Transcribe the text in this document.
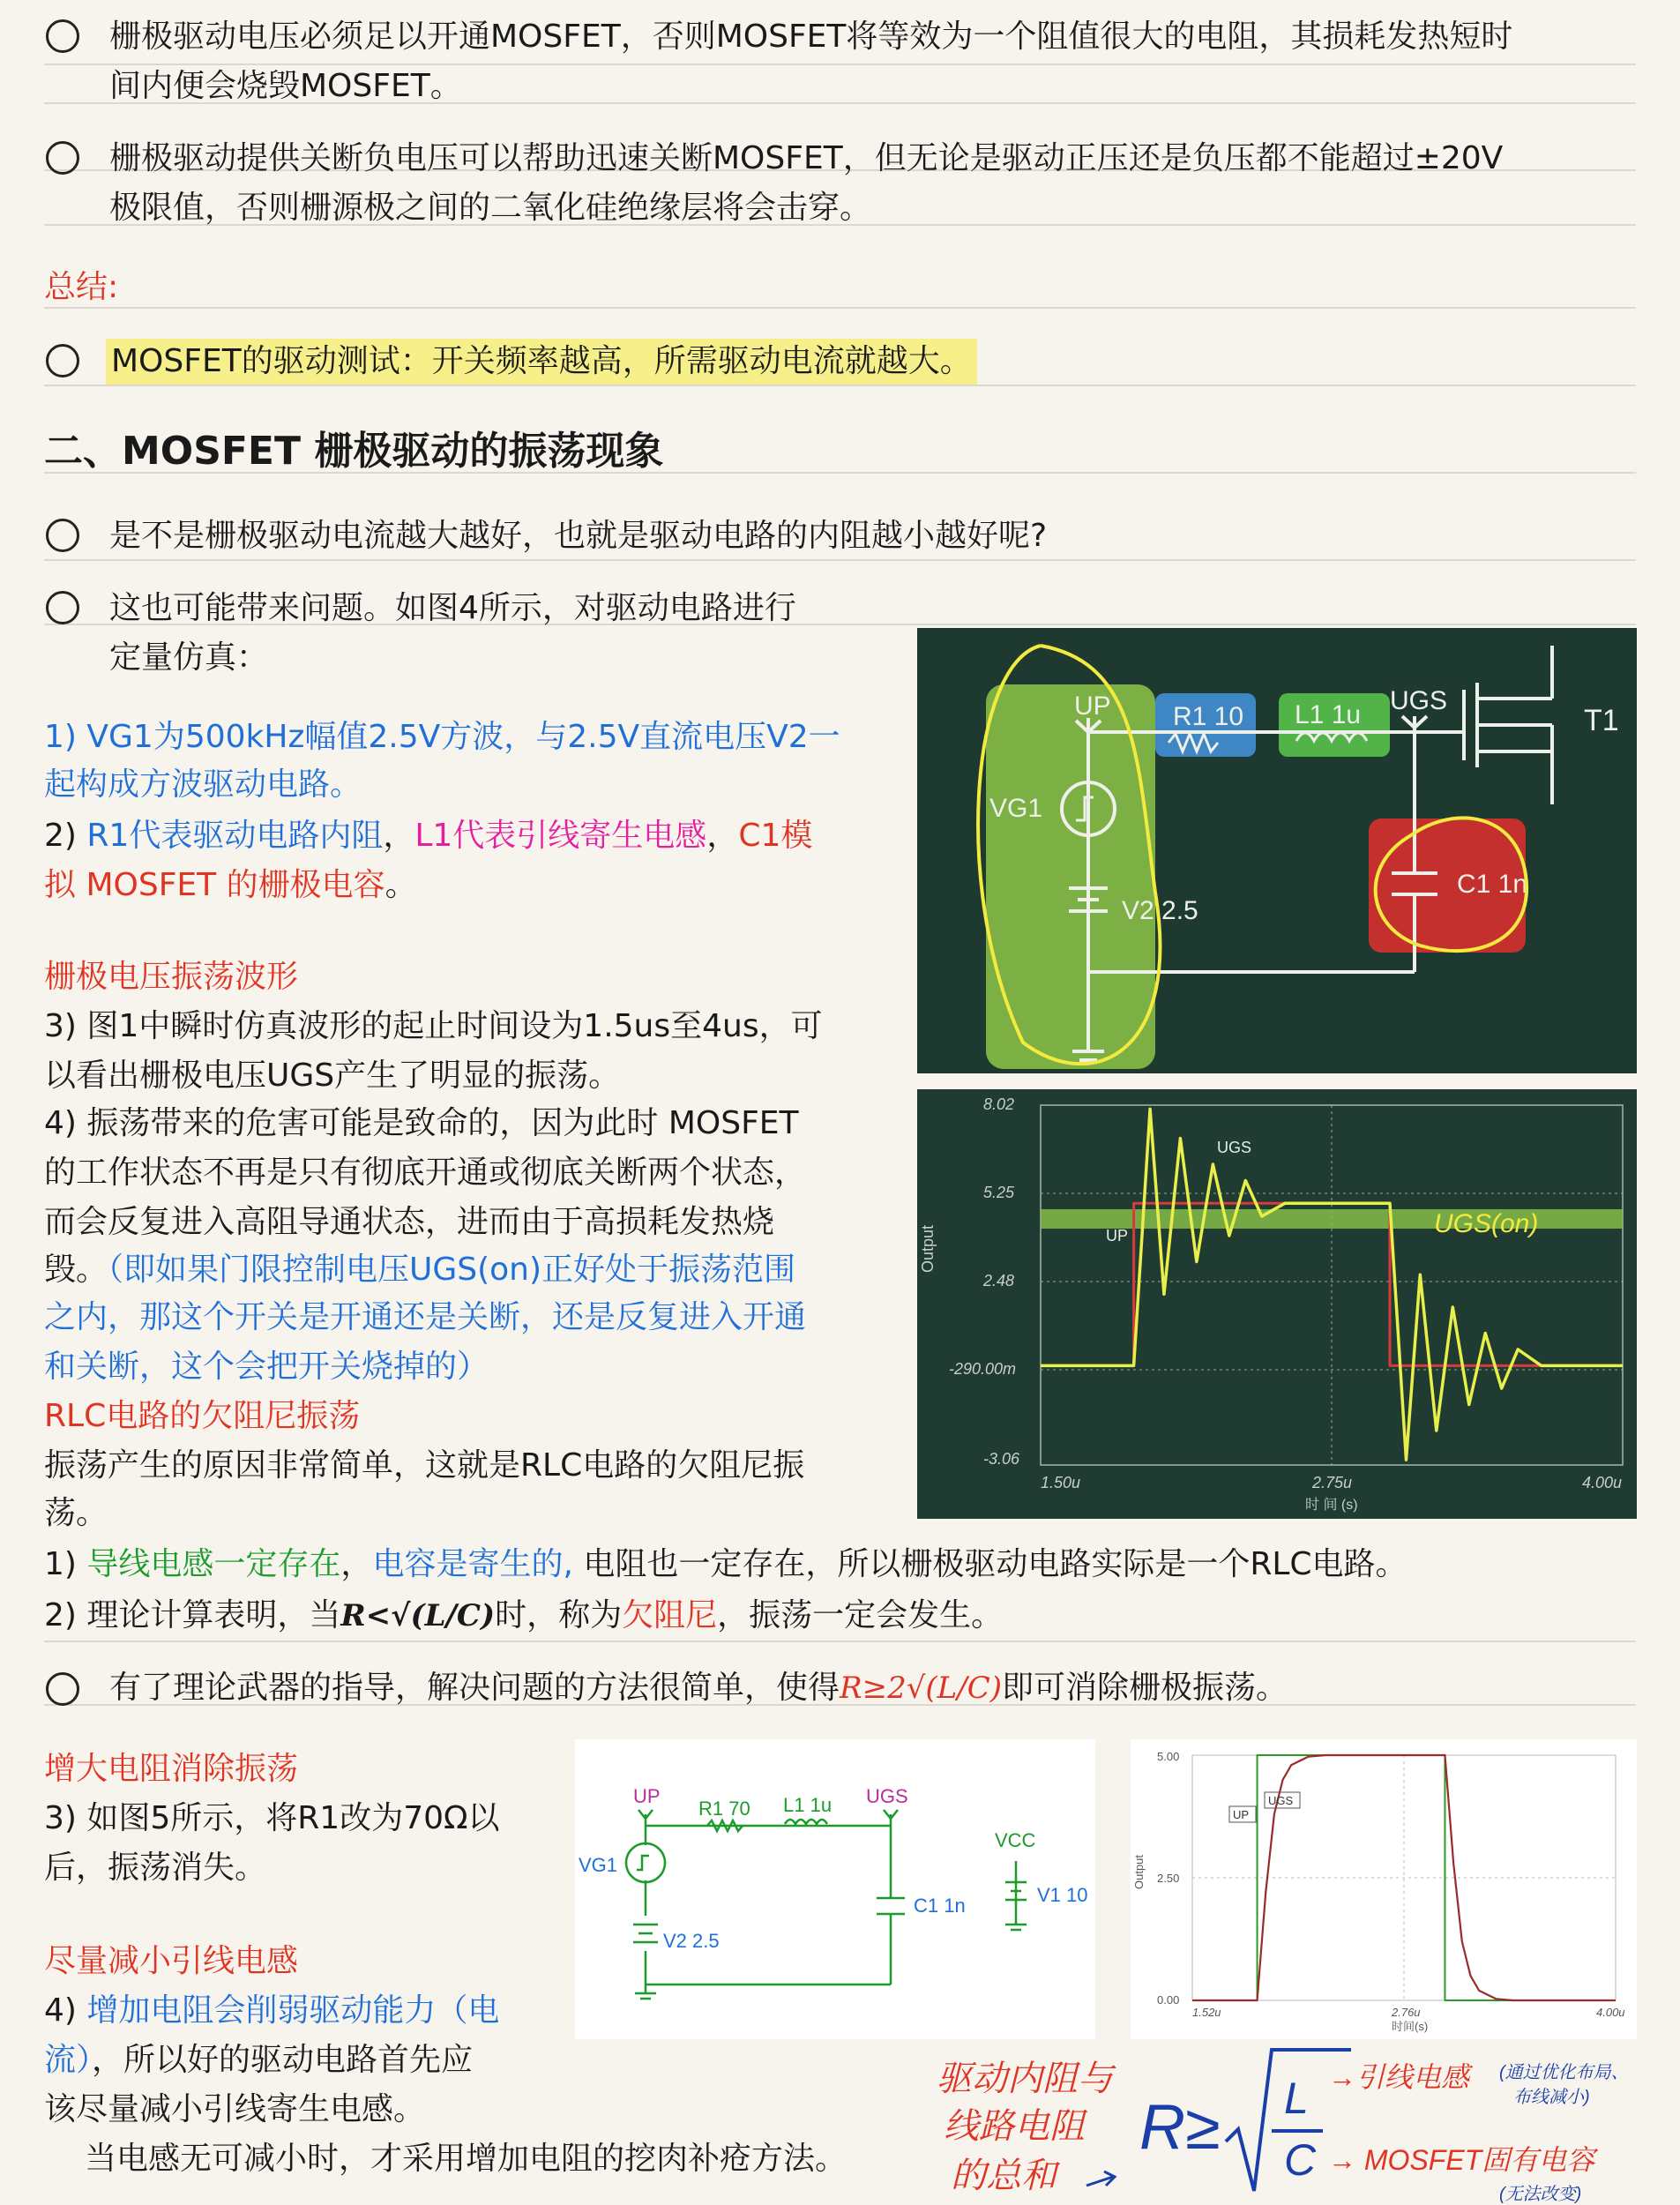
栅极驱动电压必须足以开通MOSFET，否则MOSFET将等效为一个阻值很大的电阻，其损耗发热短时
间内便会烧毁MOSFET。
栅极驱动提供关断负电压可以帮助迅速关断MOSFET，但无论是驱动正压还是负压都不能超过±20V
极限值，否则栅源极之间的二氧化硅绝缘层将会击穿。
总结:
MOSFET的驱动测试：开关频率越高，所需驱动电流就越大。
二、MOSFET 栅极驱动的振荡现象
是不是栅极驱动电流越大越好，也就是驱动电路的内阻越小越好呢?
这也可能带来问题。如图4所示，对驱动电路进行
定量仿真：
1) VG1为500kHz幅值2.5V方波，与2.5V直流电压V2一
起构成方波驱动电路。
2) R1代表驱动电路内阻，L1代表引线寄生电感，C1模
拟 MOSFET 的栅极电容。
栅极电压振荡波形
3) 图1中瞬时仿真波形的起止时间设为1.5us至4us，可
以看出栅极电压UGS产生了明显的振荡。
4) 振荡带来的危害可能是致命的，因为此时 MOSFET
的工作状态不再是只有彻底开通或彻底关断两个状态，
而会反复进入高阻导通状态，进而由于高损耗发热烧
毁。（即如果门限控制电压UGS(on)正好处于振荡范围
之内，那这个开关是开通还是关断，还是反复进入开通
和关断，这个会把开关烧掉的）
RLC电路的欠阻尼振荡
振荡产生的原因非常简单，这就是RLC电路的欠阻尼振
荡。
1) 导线电感一定存在，电容是寄生的, 电阻也一定存在，所以栅极驱动电路实际是一个RLC电路。
2) 理论计算表明，当R<√(L/C)时，称为欠阻尼，振荡一定会发生。
有了理论武器的指导，解决问题的方法很简单，使得R≥2√(L/C)即可消除栅极振荡。
增大电阻消除振荡
3) 如图5所示，将R1改为70Ω以
后，振荡消失。
尽量减小引线电感
4) 增加电阻会削弱驱动能力（电
流），所以好的驱动电路首先应
该尽量减小引线寄生电感。
当电感无可减小时，才采用增加电阻的挖肉补疮方法。
UP R1 10 L1 1u UGS
T1
VG1
V2 2.5
C1 1n
Output
8.02
5.25
2.48
-290.00m
-3.06
1.50u	2.75u	4.00u
时 间 (s)
UGS
UP	UGS(on)
UP
R1 70 L1 1u UGS
VG1
V2 2.5
C1 1n
VCC
V1 10
Output
5.00
2.50
0.00
1.52u	2.76u	4.00u
时间(s)
UP
UGS
驱动内阻与
线路电阻
的总和
R≥ L
C
→引线电感 (通过优化布局、
布线减小)
→ MOSFET固有电容
(无法改变)
